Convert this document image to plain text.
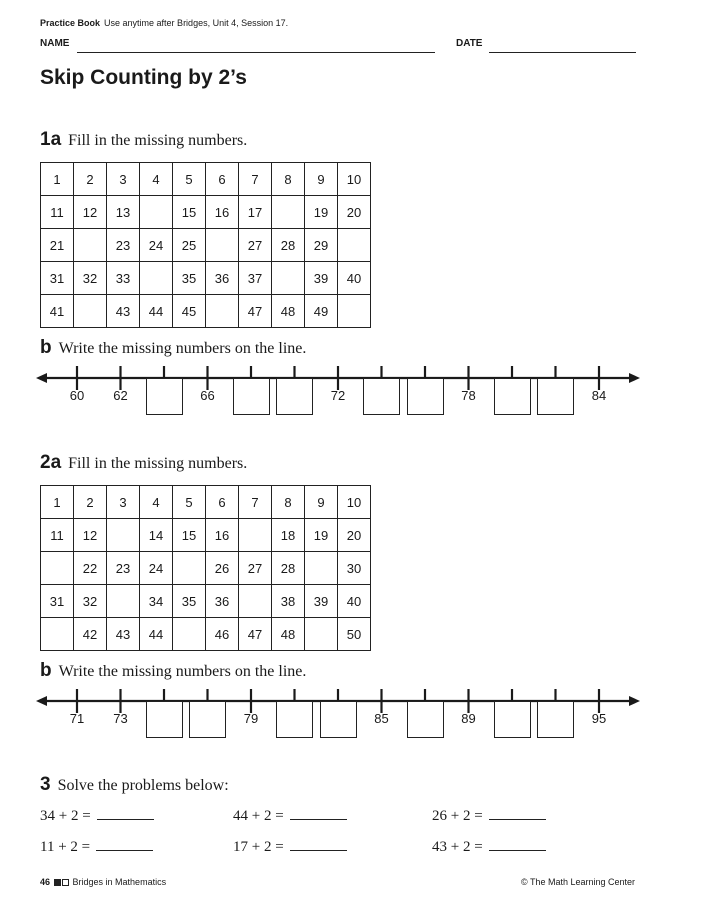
Practice Book Use anytime after Bridges, Unit 4, Session 17.
NAME	DATE
Skip Counting by 2’s
1a Fill in the missing numbers.
1	2	3	4	5	6	7	8	9	10
11	12	13		15	16	17		19	20
21		23	24	25		27	28	29	
31	32	33		35	36	37		39	40
41		43	44	45		47	48	49	
b Write the missing numbers on the line.
60	62	66	72	78	84
2a Fill in the missing numbers.
1	2	3	4	5	6	7	8	9	10
11	12		14	15	16		18	19	20
	22	23	24		26	27	28		30
31	32		34	35	36		38	39	40
	42	43	44		46	47	48		50
b Write the missing numbers on the line.
71	73	79	85	89	95
3 Solve the problems below:
34 + 2 =	44 + 2 =	26 + 2 =
11 + 2 =	17 + 2 =	43 + 2 =
46	Bridges in Mathematics	© The Math Learning Center
